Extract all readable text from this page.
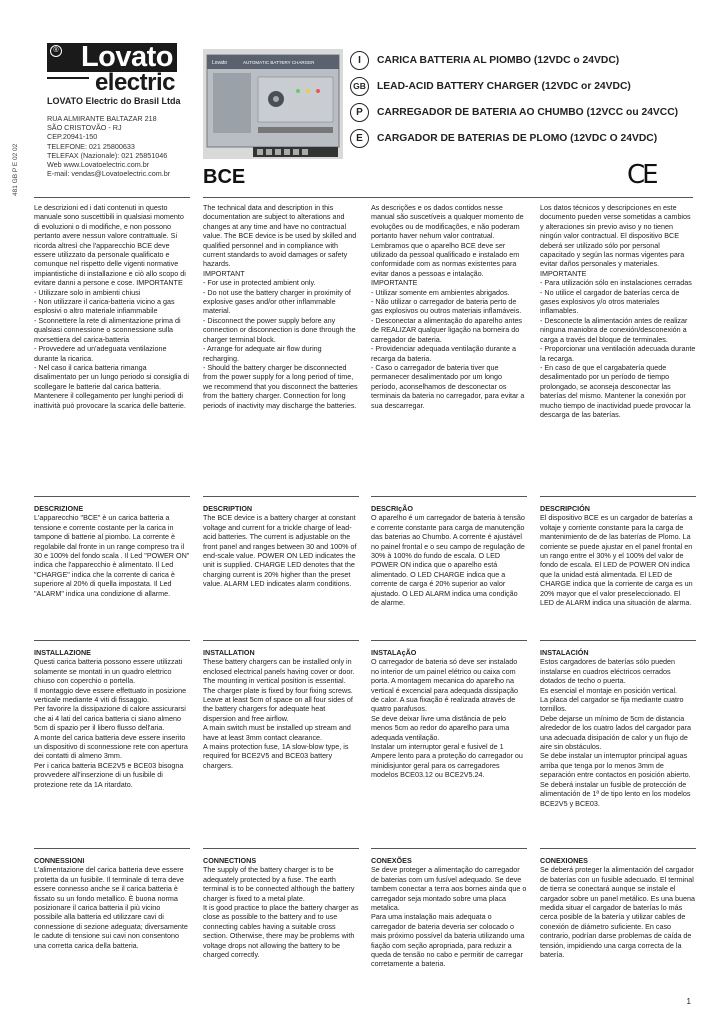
Lovato
®
electric
LOVATO Electric do Brasil Ltda
RUA ALMIRANTE BALTAZAR 218
SÃO CRISTOVÃO - RJ
CEP.20941-150
TELEFONE: 021 25800633
TELEFAX (Nazionale): 021 25851046
Web www.Lovatoelectric.com.br
E-mail: vendas@Lovatoelectric.com.br
481 GB P E 02 02
Lovato	AUTOMATIC BATTERY CHARGER
BCE
I	CARICA BATTERIA AL PIOMBO (12VDC o 24VDC)
GB	LEAD-ACID BATTERY CHARGER (12VDC or 24VDC)
P	CARREGADOR DE BATERIA AO CHUMBO (12VCC ou 24VCC)
E	CARGADOR DE BATERIAS DE PLOMO (12VDC O 24VDC)
CE

Le descrizioni ed i dati contenuti in questo manuale sono suscettibili in qualsiasi momento di evoluzioni o di modifiche, e non possono pertanto avere nessun valore contrattuale. Si ricorda altresì che l'apparecchio BCE deve essere utilizzato da personale qualificato e comunque nel rispetto delle vigenti normative impiantistiche di installazione e ciò allo scopo di evitare danni a persone e cose. IMPORTANTE
- Utilizzare solo in ambienti chiusi
- Non utilizzare il carica-batteria vicino a gas esplosivi o altro materiale infiammabile
- Sconnettere la rete di alimentazione prima di qualsiasi connessione o sconnessione sulla morsettiera del carica-batteria
- Provvedere ad un'adeguata ventilazione durante la ricarica.
- Nel caso il carica batteria rimanga disalimentato per un lungo periodo si consiglia di scollegare le batterie dal carica batteria. Mantenere il collegamento per lunghi periodi di inattività può provocare la scarica delle batterie.

The technical data and description in this documentation are subject to alterations and changes at any time and have no contractual value. The BCE device is be used by skilled and qualified personnel and in compliance with current standards to avoid damages or safety hazards.
IMPORTANT
- For use in protected ambient only.
- Do not use the battery charger in proximity of explosive gases and/or other inflammable material.
- Disconnect the power supply before any connection or disconnection is done through the charger terminal block.
- Arrange for adequate air flow during recharging.
- Should the battery charger be disconnected from the power supply for a long period of time, we recommend that you disconnect the batteries from the battery charger. Connection for long periods of inactivity may discharge the batteries.

As descrições e os dados contidos nesse manual são suscetíveis a qualquer momento de evoluções ou de modificações, e não poderam portanto haver nehum valor contratual. Lembramos que o aparelho BCE deve ser utilizado da pessoal qualificado e instalado em conformidade com as normas existentes para evitar danos a pessoas e intalação.
IMPORTANTE
- Utilizar somente em ambientes abrigados.
- Não utilizar o carregador de bateria perto de gas explosivos ou outros materiais inflamáveis.
- Desconectar a alimentação do aparelho antes de REALIZAR qualquer ligação na borneira do carregador de bateria.
- Providenciar adequada ventilação durante a recarga da bateria.
- Caso o carregador de bateria tiver que permanecer desalimentado por um longo período, aconselhamos de desconectar os terminais da bateria no carregador, para evitar a sua descarregar.

Los datos técnicos y descripciones en este documento pueden verse sometidas a cambios y alteraciones sin previo aviso y no tienen ningún valor contractual. El dispositivo BCE deberá ser utilizado sólo por personal capacitado y según las normas vigentes para evitar daños personales y materiales.
IMPORTANTE
- Para utilización sólo en instalaciones cerradas
- No utilice el cargador de baterías cerca de gases explosivos y/o otros materiales inflamables.
- Desconecte la alimentación antes de realizar ninguna maniobra de conexión/desconexión a carga a través del bloque de terminales.
- Proporcionar una ventilación adecuada durante la recarga.
- En caso de que el cargabatería quede desalimentado por un período de tiempo prolongado, se aconseja desconectar las baterías del mismo. Mantener la conexión por mucho tiempo de inactividad puede provocar la descarga de las baterías.

DESCRIZIONE

L'apparecchio "BCE" è un carica batteria a tensione e corrente costante per la carica in tampone di batterie al piombo. La corrente è regolabile dal fronte in un range compreso tra il 30 e 100% del fondo scala . Il Led "POWER ON" indica che l'apparecchio è alimentato. Il Led "CHARGE" indica che la corrente di carica è superiore al 20% di quella impostata. Il Led "ALARM" indica una condizione di allarme.

DESCRIPTION

The BCE device is a battery charger at constant voltage and current for a trickle charge of lead-acid batteries. The current is adjustable on the front panel and ranges between 30 and 100% of end-scale value. POWER ON LED indicates the unit is supplied. CHARGE LED denotes that the charging current is 20% higher than the preset value. ALARM LED indicates alarm conditions.

DESCRIçÃO

O aparelho é um carregador de bateria à tensão e corrente constante para carga de manutenção das baterias ao Chumbo. A corrente é ajustável no painel frontal e o seu campo de regulação de 30% à 100% do fundo de escala. O LED POWER ON indica que o aparelho está alimentado. O LED CHARGE indica que a corrente de carga é 20% superior ao valor ajustado. O LED ALARM indica uma condição de alarme.

DESCRIPCIÓN

El dispositivo BCE es un cargador de baterías a voltaje y corriente constante para la carga de mantenimiento de de las baterías de Plomo. La corriente se puede ajustar en el panel frontal en un rango entre el 30% y el 100% del valor de fondo de escala. El LED de POWER ON indica que la unidad está alimentada. El LED de CHARGE indica que la corriente de carga es un 20% mayor que el valor preseleccionado. El LED de ALARM indica una situación de alarma.

INSTALLAZIONE

Questi carica batteria possono essere utilizzati solamente se montati in un quadro elettrico chiuso con coperchio o portella.
Il montaggio deve essere effettuato in posizione verticale mediante 4 viti di fissaggio.
Per favorire la dissipazione di calore assicurarsi che ai 4 lati del carica batteria ci siano almeno 5cm di spazio per il libero flusso dell'aria.
A monte del carica batteria deve essere inserito un dispositivo di sconnessione rete con apertura dei contatti di almeno 3mm.
Per i carica batteria BCE2V5 e BCE03 bisogna provvedere all'inserzione di un fusibile di protezione rete da 1A ritardato.

INSTALLATION

These battery chargers can be installed only in enclosed electrical panels having cover or door. The mounting in vertical position is essential. The charger plate is fixed by four fixing screws. Leave at least 5cm of space on all four sides of the battery chargers for adequate heat dispersion and free airflow.
A main switch must be installed up stream and have at least 3mm contact clearance.
A mains protection fuse, 1A slow-blow type, is required for BCE2V5 and BCE03 battery chargers.

INSTALAçÃO

O carregador de bateria só deve ser instalado no interior de um painel elétrico ou caixa com porta. A montagem mecanica do aparelho na vertical é excencial para adequada dissipação de calor. A sua fixação é realizada através de quatro parafusos.
Se deve deixar livre uma distância de pelo menos 5cm ao redor do aparelho para uma adequada ventilação.
Instalar um interruptor geral e fusivel de 1 Ampere lento para a proteção do carregador ou minidisjuntor geral para os carregadores modelos BCE03.12 ou BCE2V5.24.

INSTALACIÓN

Estos cargadores de baterías sólo pueden instalarse en cuadros eléctricos cerrados dotados de techo o puerta.
Es esencial el montaje en posición vertical.
La placa del cargador se fija mediante cuatro tornillos.
Debe dejarse un mínimo de 5cm de distancia alrededor de los cuatro lados del cargador para una adecuada disipación de calor y un flujo de aire sin obstáculos.
Se debe instalar un interruptor principal aguas arriba que tenga por lo menos 3mm de separación entre contactos en posición abierto.
Se deberá instalar un fusible de protección de alimentación de 1ª de tipo lento en los modelos BCE2V5 y BCE03.

CONNESSIONI

L'alimentazione del carica batteria deve essere protetta da un fusibile. Il terminale di terra deve essere connesso anche se il carica batteria è fissato su un fondo metallico. È buona norma posizionare il carica batteria il più vicino possibile alla batteria ed utilizzare cavi di connessione di sezione adeguata; diversamente le cadute di tensione sui cavi non consentono una corretta carica della batteria.

CONNECTIONS

The supply of the battery charger is to be adequately protected by a fuse. The earth terminal is to be connected although the battery charger is fixed to a metal plate.
It is good practice to place the battery charger as close as possible to the battery and to use connecting cables having a suitable cross section. Otherwise, there may be problems with voltage drops not allowing the battery to be charged correctly.

CONEXÕES

Se deve proteger a alimentação do carregador de baterias com um fusível adequado. Se deve tambem conectar a terra aos bornes ainda que o carregador seja montado sobre uma placa metalica.
Para uma instalação mais adequata o carregador de bateria deveria ser colocado o mais próximo possível da bateria utilizando uma fiação com seção apropriada, para reduzir a queda de tensão no cabo e permitir de carregar corretamente a bateria.

CONEXIONES

Se deberá proteger la alimentación del cargador de baterías con un fusible adecuado. El terminal de tierra se conectará aunque se instale el cargador sobre un panel metálico. Es una buena medida situar el cargador de baterías lo más cerca posible de la batería y utilizar cables de conexión de diámetro suficiente. En caso contrario, podrían darse problemas de caída de tensión, impidiendo una carga correcta de la batería.

1
